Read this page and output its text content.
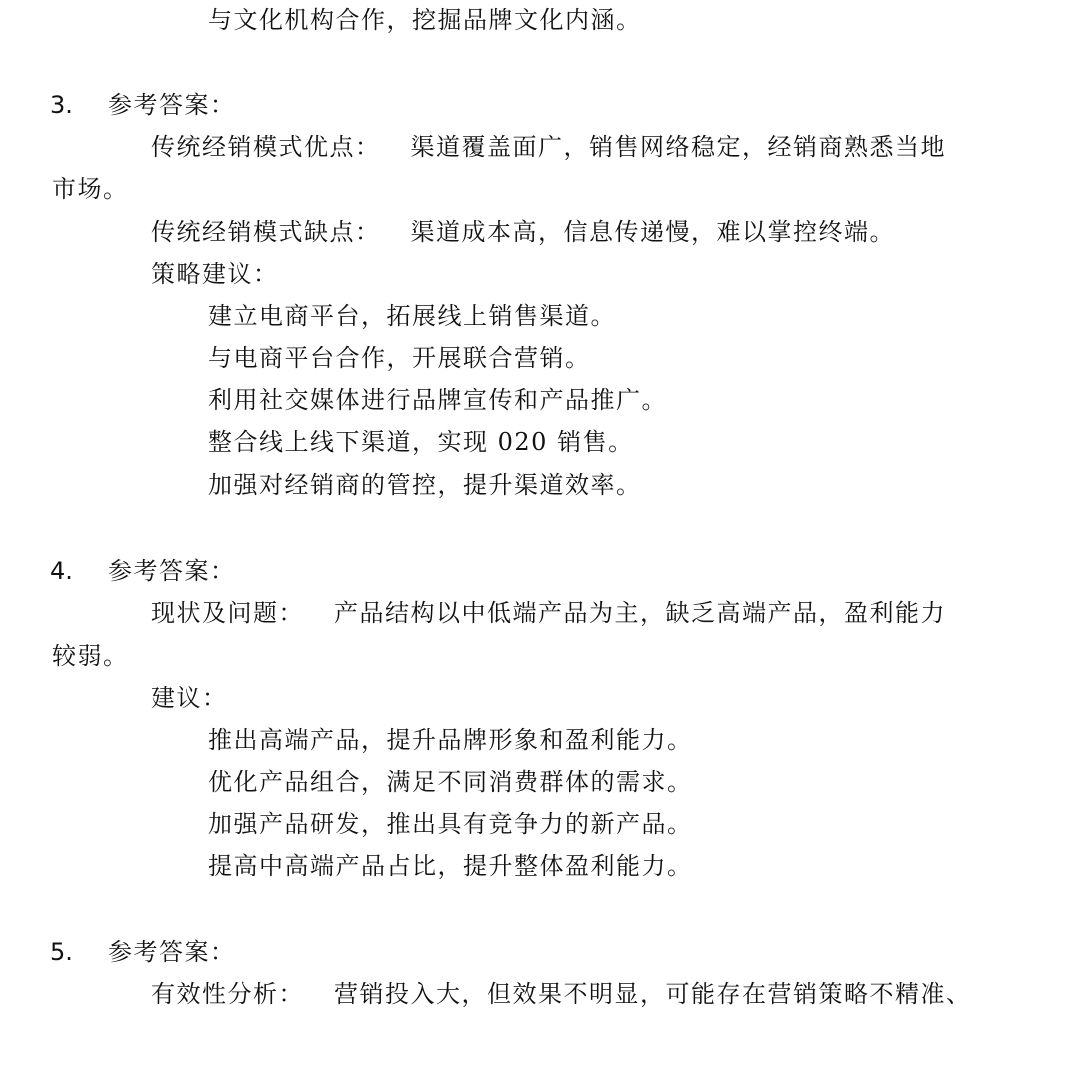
与文化机构合作，挖掘品牌文化内涵。
3. 参考答案：
传统经销模式优点： 渠道覆盖面广，销售网络稳定，经销商熟悉当地
市场。
传统经销模式缺点： 渠道成本高，信息传递慢，难以掌控终端。
策略建议：
建立电商平台，拓展线上销售渠道。
与电商平台合作，开展联合营销。
利用社交媒体进行品牌宣传和产品推广。
整合线上线下渠道，实现 020 销售。
加强对经销商的管控，提升渠道效率。
4. 参考答案：
现状及问题： 产品结构以中低端产品为主，缺乏高端产品，盈利能力
较弱。
建议：
推出高端产品，提升品牌形象和盈利能力。
优化产品组合，满足不同消费群体的需求。
加强产品研发，推出具有竞争力的新产品。
提高中高端产品占比，提升整体盈利能力。
5. 参考答案：
有效性分析： 营销投入大，但效果不明显，可能存在营销策略不精准、
